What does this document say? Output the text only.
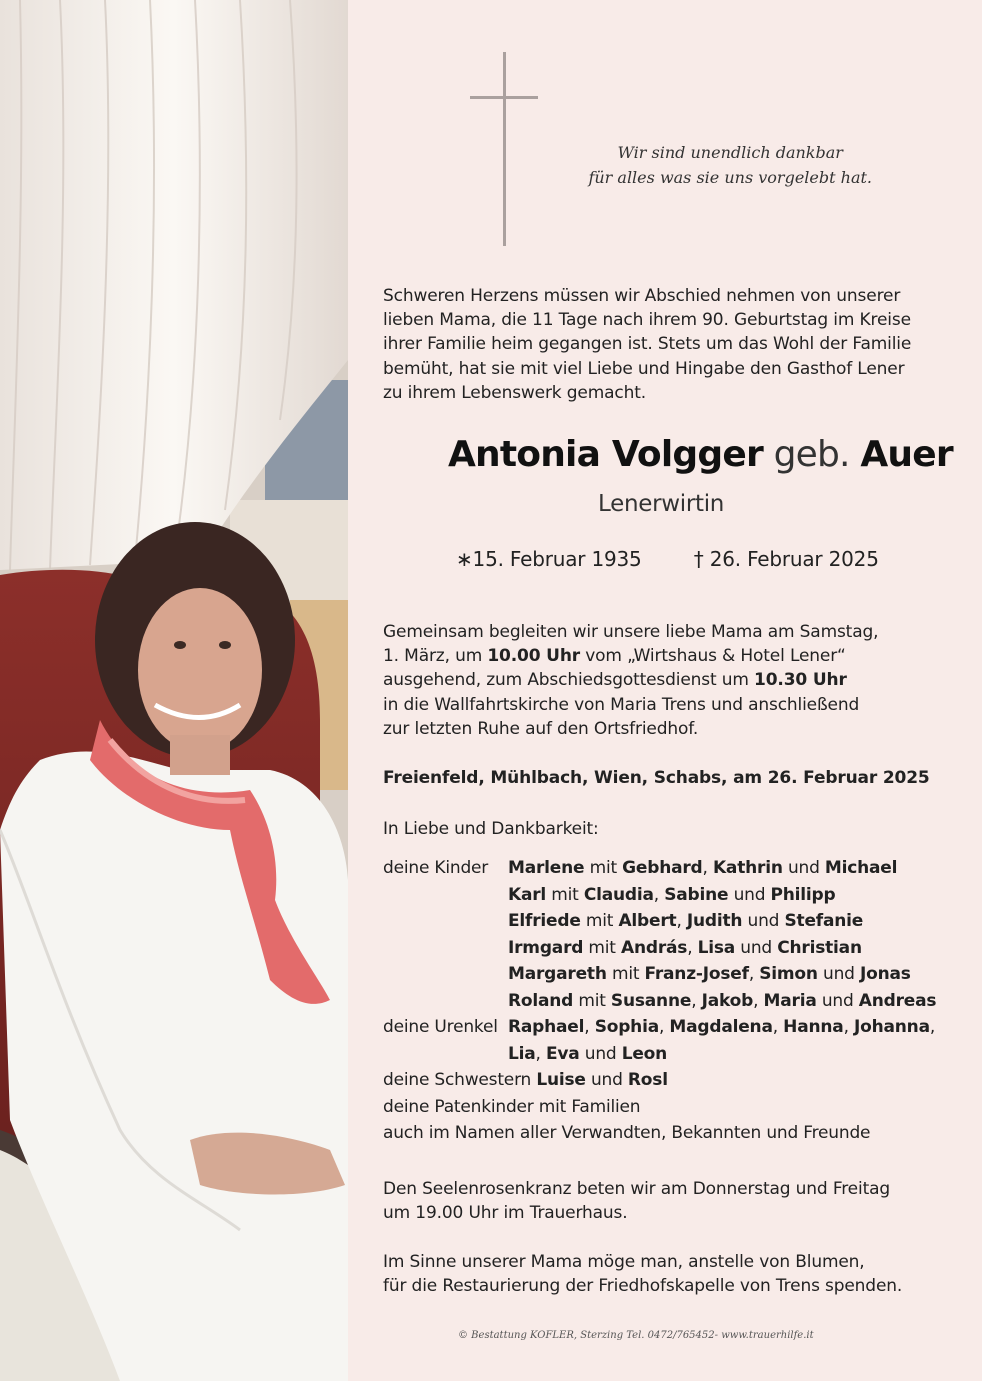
Wir sind unendlich dankbar
für alles was sie uns vorgelebt hat.
Schweren Herzens müssen wir Abschied nehmen von unserer
lieben Mama, die 11 Tage nach ihrem 90. Geburtstag im Kreise
ihrer Familie heim gegangen ist. Stets um das Wohl der Familie
bemüht, hat sie mit viel Liebe und Hingabe den Gasthof Lener
zu ihrem Lebenswerk gemacht.
Antonia Volgger geb. Auer
Lenerwirtin
∗15. Februar 1935	† 26. Februar 2025
Gemeinsam begleiten wir unsere liebe Mama am Samstag,
1. März, um 10.00 Uhr vom „Wirtshaus & Hotel Lener“
ausgehend, zum Abschiedsgottesdienst um 10.30 Uhr
in die Wallfahrtskirche von Maria Trens und anschließend
zur letzten Ruhe auf den Ortsfriedhof.
Freienfeld, Mühlbach, Wien, Schabs, am 26. Februar 2025
In Liebe und Dankbarkeit:
deine Kinder Marlene mit Gebhard, Kathrin und Michael
Karl mit Claudia, Sabine und Philipp
Elfriede mit Albert, Judith und Stefanie
Irmgard mit András, Lisa und Christian
Margareth mit Franz-Josef, Simon und Jonas
Roland mit Susanne, Jakob, Maria und Andreas
deine Urenkel Raphael, Sophia, Magdalena, Hanna, Johanna,
Lia, Eva und Leon
deine Schwestern Luise und Rosl
deine Patenkinder mit Familien
auch im Namen aller Verwandten, Bekannten und Freunde
Den Seelenrosenkranz beten wir am Donnerstag und Freitag
um 19.00 Uhr im Trauerhaus.
Im Sinne unserer Mama möge man, anstelle von Blumen,
für die Restaurierung der Friedhofskapelle von Trens spenden.
© Bestattung KOFLER, Sterzing Tel. 0472/765452- www.trauerhilfe.it
